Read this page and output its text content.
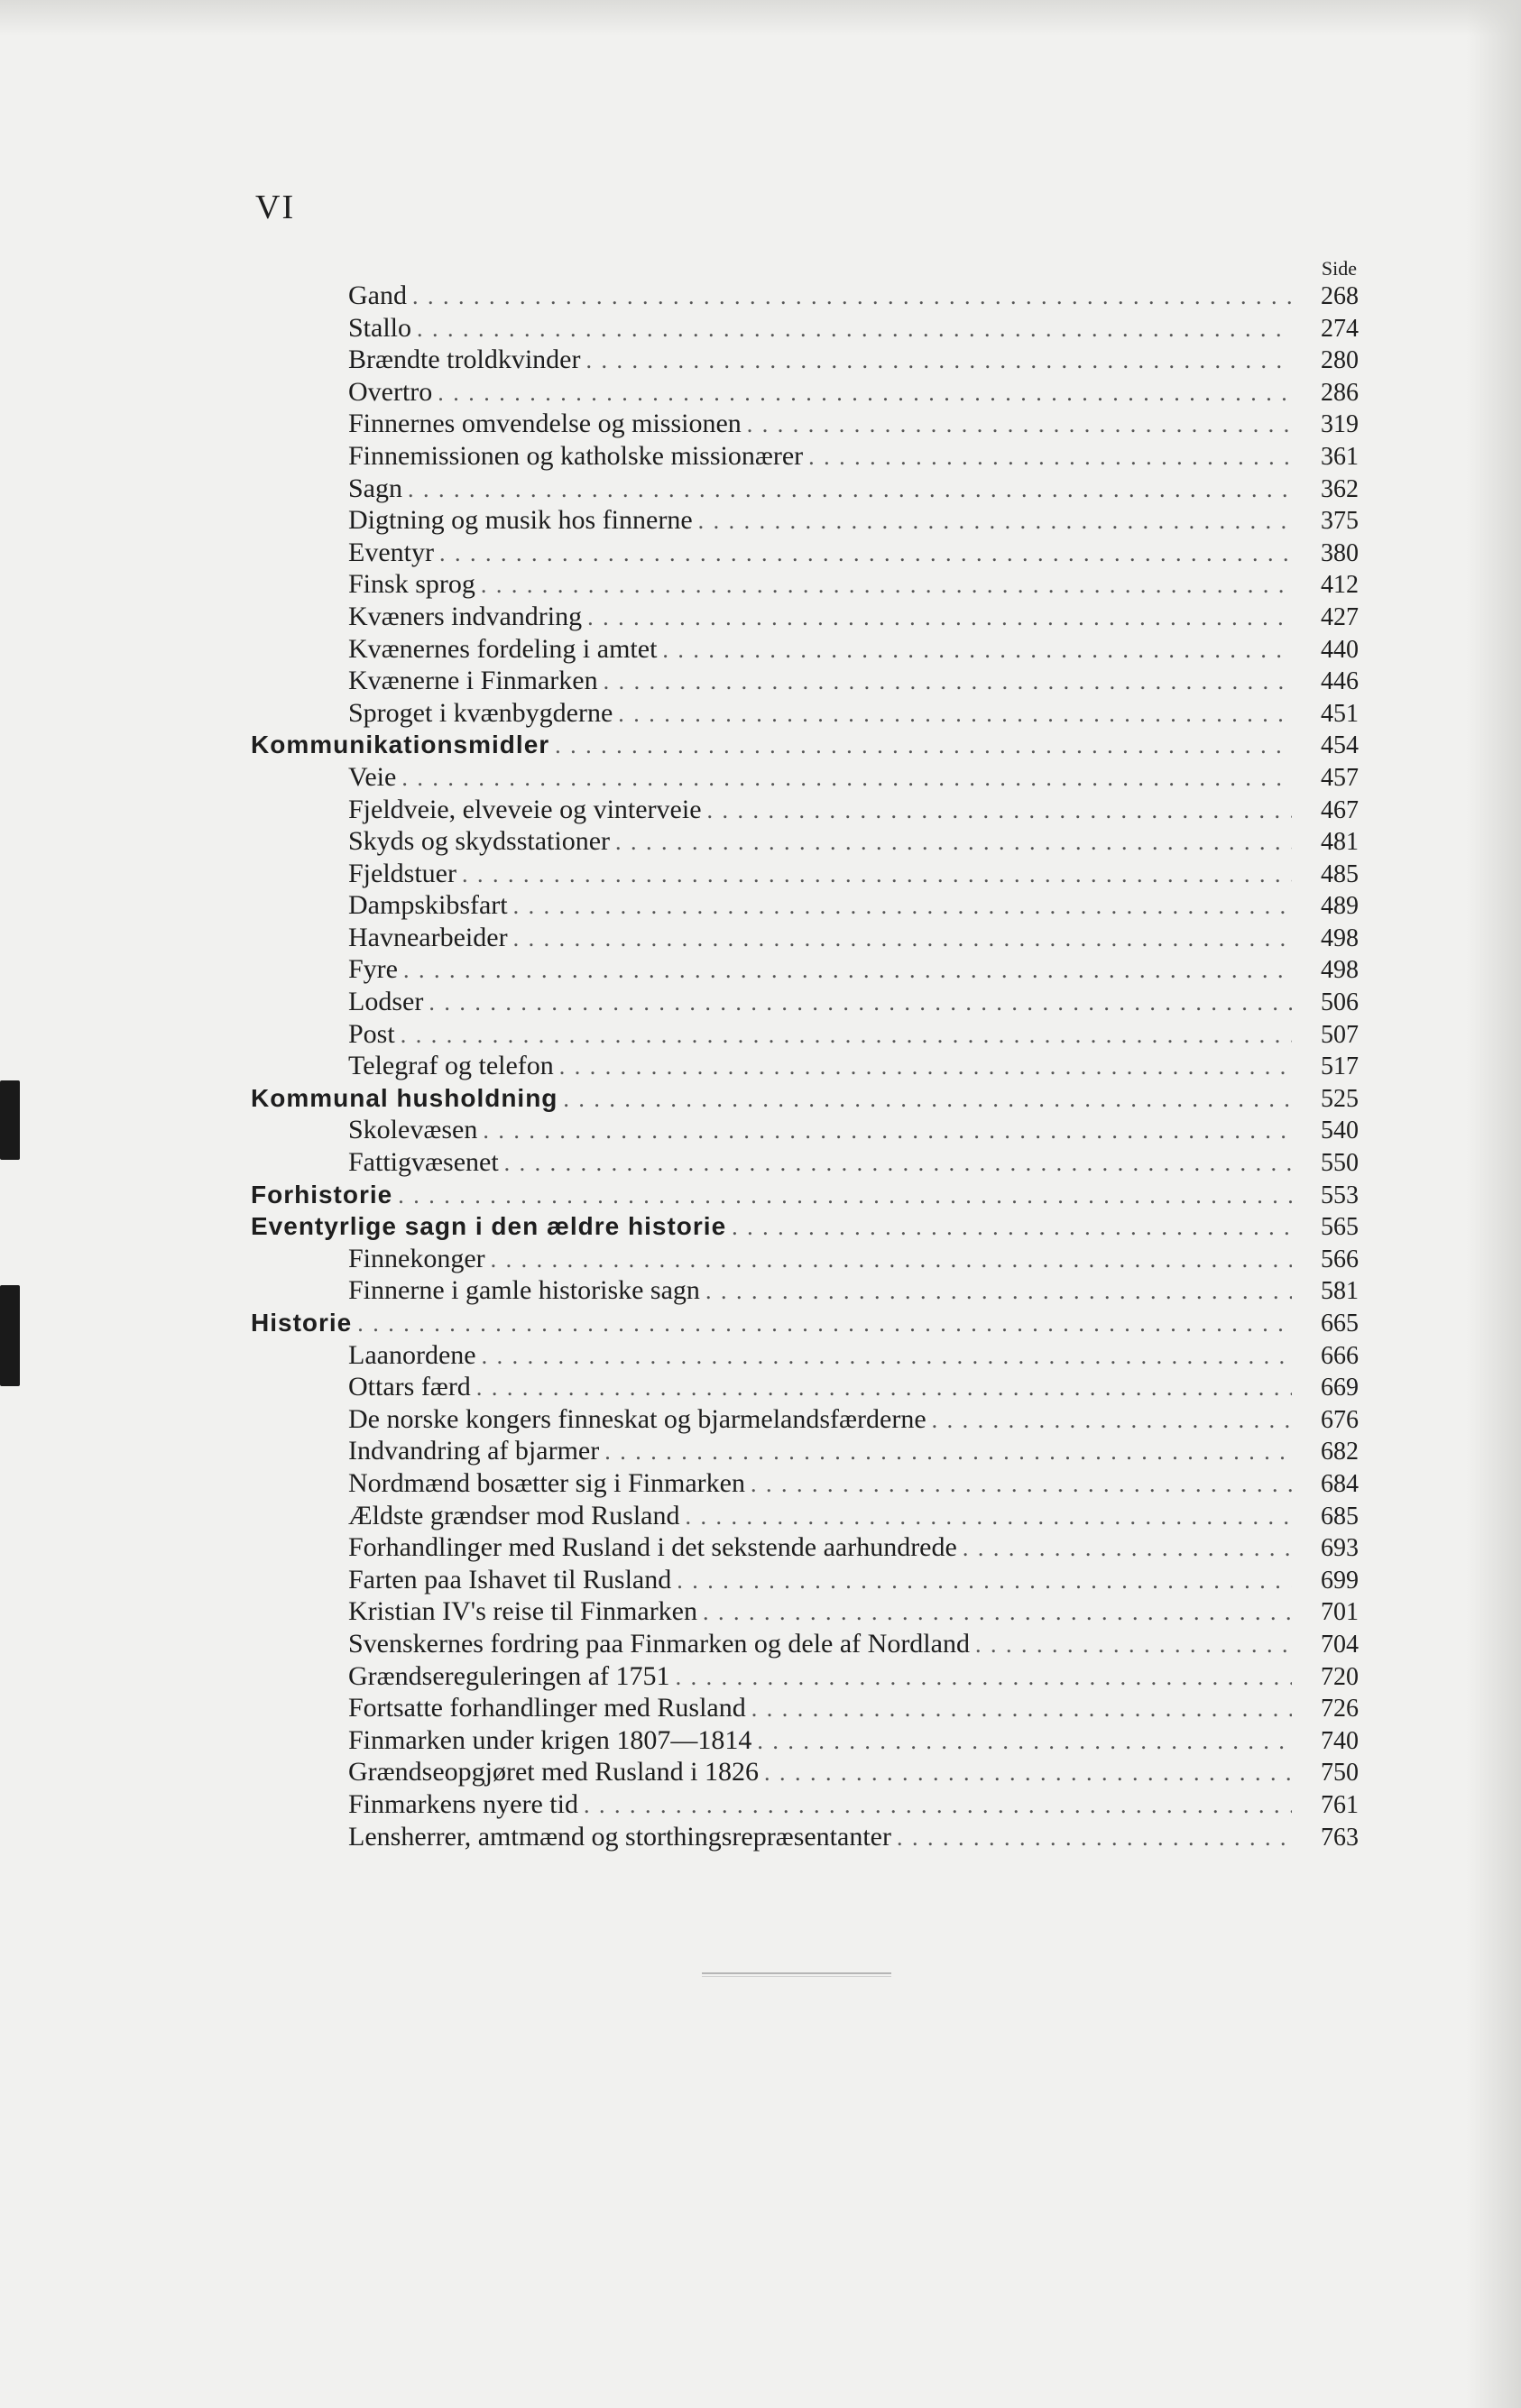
VI
Side
Gand . . .	268
Stallo . . .	274
Brændte troldkvinder . . .	280
Overtro . . .	286
Finnernes omvendelse og missionen . . .	319
Finnemissionen og katholske missionærer . . .	361
Sagn . . .	362
Digtning og musik hos finnerne . . .	375
Eventyr . . .	380
Finsk sprog . . .	412
Kvæners indvandring . . .	427
Kvænernes fordeling i amtet . . .	440
Kvænerne i Finmarken . . .	446
Sproget i kvænbygderne . . .	451
Kommunikationsmidler . . .	454
Veie . . .	457
Fjeldveie, elveveie og vinterveie . . .	467
Skyds og skydsstationer . . .	481
Fjeldstuer . . .	485
Dampskibsfart . . .	489
Havnearbeider . . .	498
Fyre . . .	498
Lodser . . .	506
Post . . .	507
Telegraf og telefon . . .	517
Kommunal husholdning . . .	525
Skolevæsen . . .	540
Fattigvæsenet . . .	550
Forhistorie . . .	553
Eventyrlige sagn i den ældre historie . . .	565
Finnekonger . . .	566
Finnerne i gamle historiske sagn . . .	581
Historie . . .	665
Laanordene . . .	666
Ottars færd . . .	669
De norske kongers finneskat og bjarmelandsfærderne . . .	676
Indvandring af bjarmer . . .	682
Nordmænd bosætter sig i Finmarken . . .	684
Ældste grændser mod Rusland . . .	685
Forhandlinger med Rusland i det sekstende aarhundrede . . .	693
Farten paa Ishavet til Rusland . . .	699
Kristian IV's reise til Finmarken . . .	701
Svenskernes fordring paa Finmarken og dele af Nordland . . .	704
Grændsereguleringen af 1751 . . .	720
Fortsatte forhandlinger med Rusland . . .	726
Finmarken under krigen 1807—1814 . . .	740
Grændseopgjøret med Rusland i 1826 . . .	750
Finmarkens nyere tid . . .	761
Lensherrer, amtmænd og storthingsrepræsentanter . . .	763
